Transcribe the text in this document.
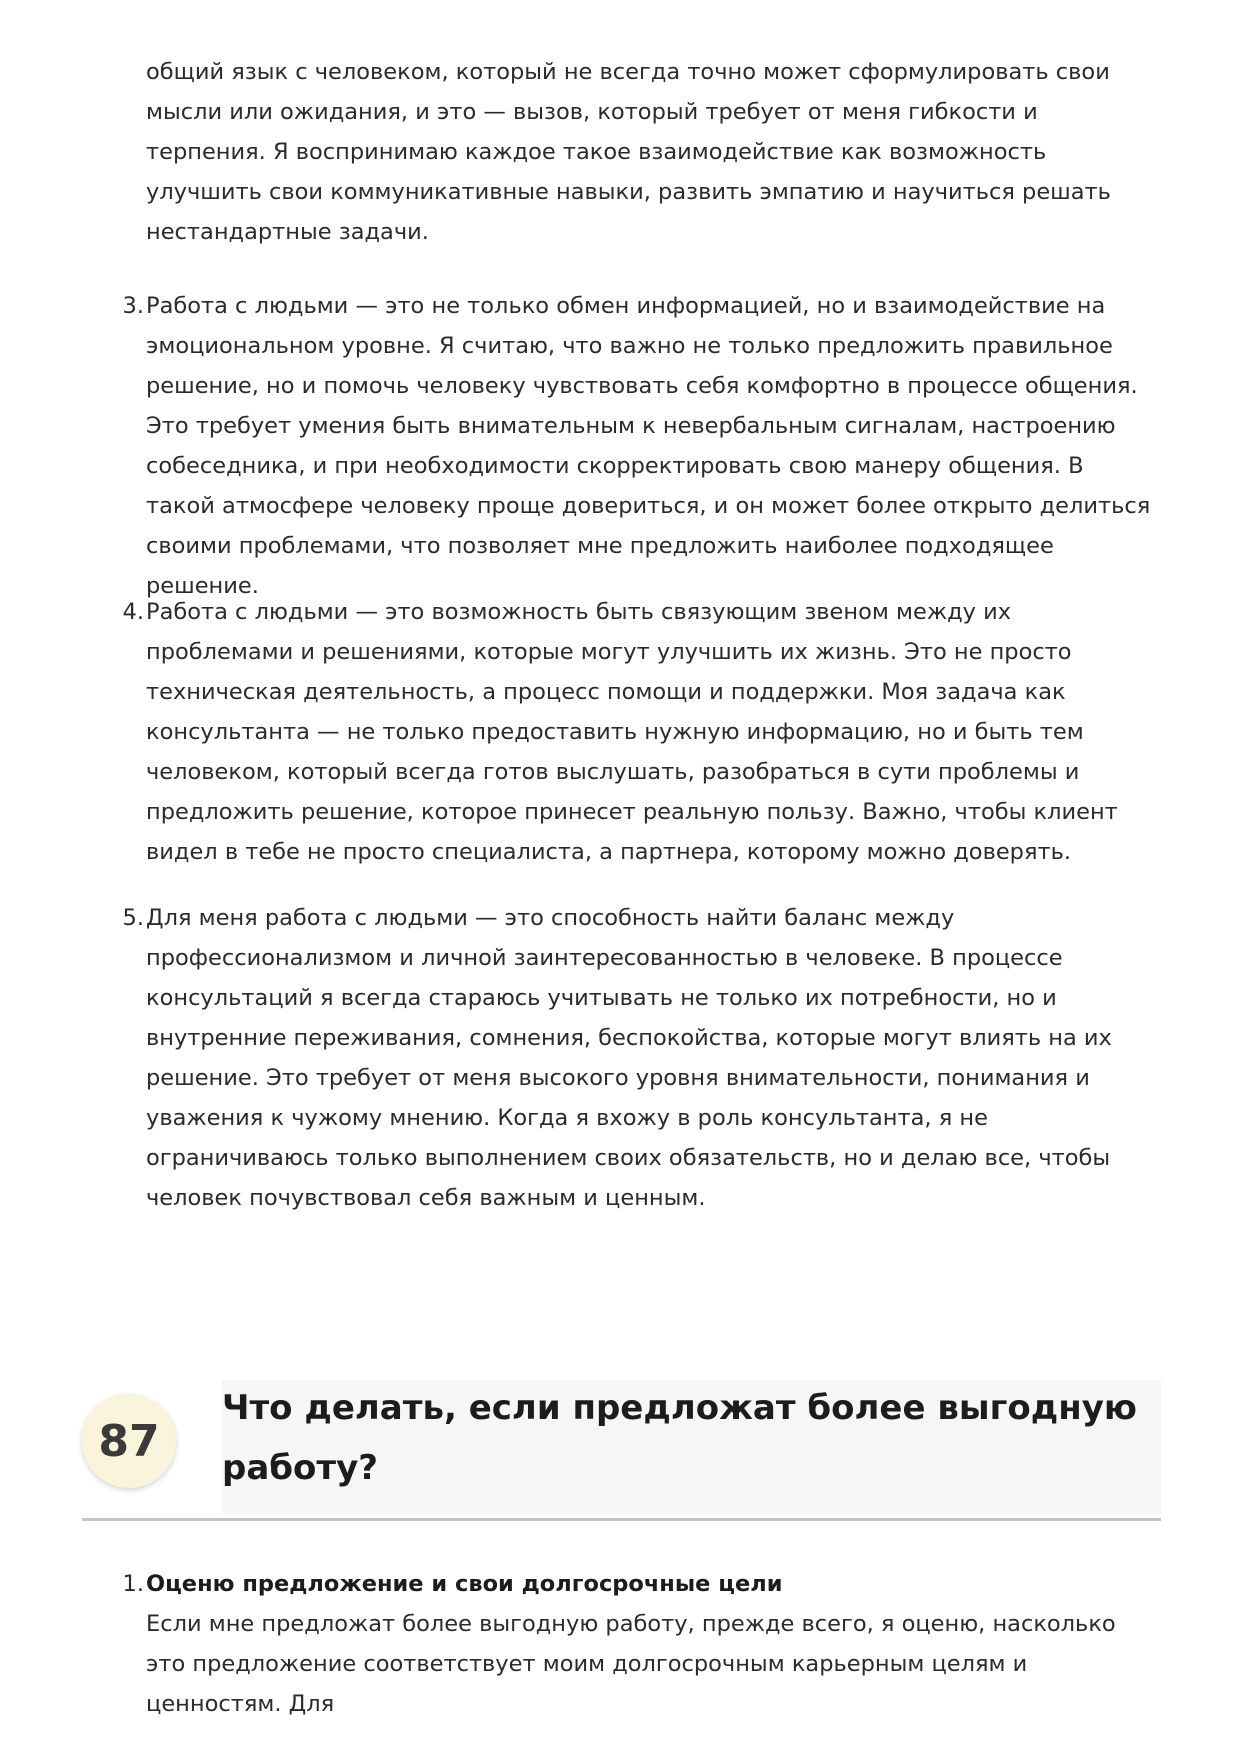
общий язык с человеком, который не всегда точно может сформулировать свои мысли или ожидания, и это — вызов, который требует от меня гибкости и терпения. Я воспринимаю каждое такое взаимодействие как возможность улучшить свои коммуникативные навыки, развить эмпатию и научиться решать нестандартные задачи.

3. Работа с людьми — это не только обмен информацией, но и взаимодействие на эмоциональном уровне. Я считаю, что важно не только предложить правильное решение, но и помочь человеку чувствовать себя комфортно в процессе общения. Это требует умения быть внимательным к невербальным сигналам, настроению собеседника, и при необходимости скорректировать свою манеру общения. В такой атмосфере человеку проще довериться, и он может более открыто делиться своими проблемами, что позволяет мне предложить наиболее подходящее решение.
4. Работа с людьми — это возможность быть связующим звеном между их проблемами и решениями, которые могут улучшить их жизнь. Это не просто техническая деятельность, а процесс помощи и поддержки. Моя задача как консультанта — не только предоставить нужную информацию, но и быть тем человеком, который всегда готов выслушать, разобраться в сути проблемы и предложить решение, которое принесет реальную пользу. Важно, чтобы клиент видел в тебе не просто специалиста, а партнера, которому можно доверять.
5. Для меня работа с людьми — это способность найти баланс между профессионализмом и личной заинтересованностью в человеке. В процессе консультаций я всегда стараюсь учитывать не только их потребности, но и внутренние переживания, сомнения, беспокойства, которые могут влиять на их решение. Это требует от меня высокого уровня внимательности, понимания и уважения к чужому мнению. Когда я вхожу в роль консультанта, я не ограничиваюсь только выполнением своих обязательств, но и делаю все, чтобы человек почувствовал себя важным и ценным.
87
Что делать, если предложат более выгодную работу?
1. Оценю предложение и свои долгосрочные цели
Если мне предложат более выгодную работу, прежде всего, я оценю, насколько это предложение соответствует моим долгосрочным карьерным целям и ценностям. Для
